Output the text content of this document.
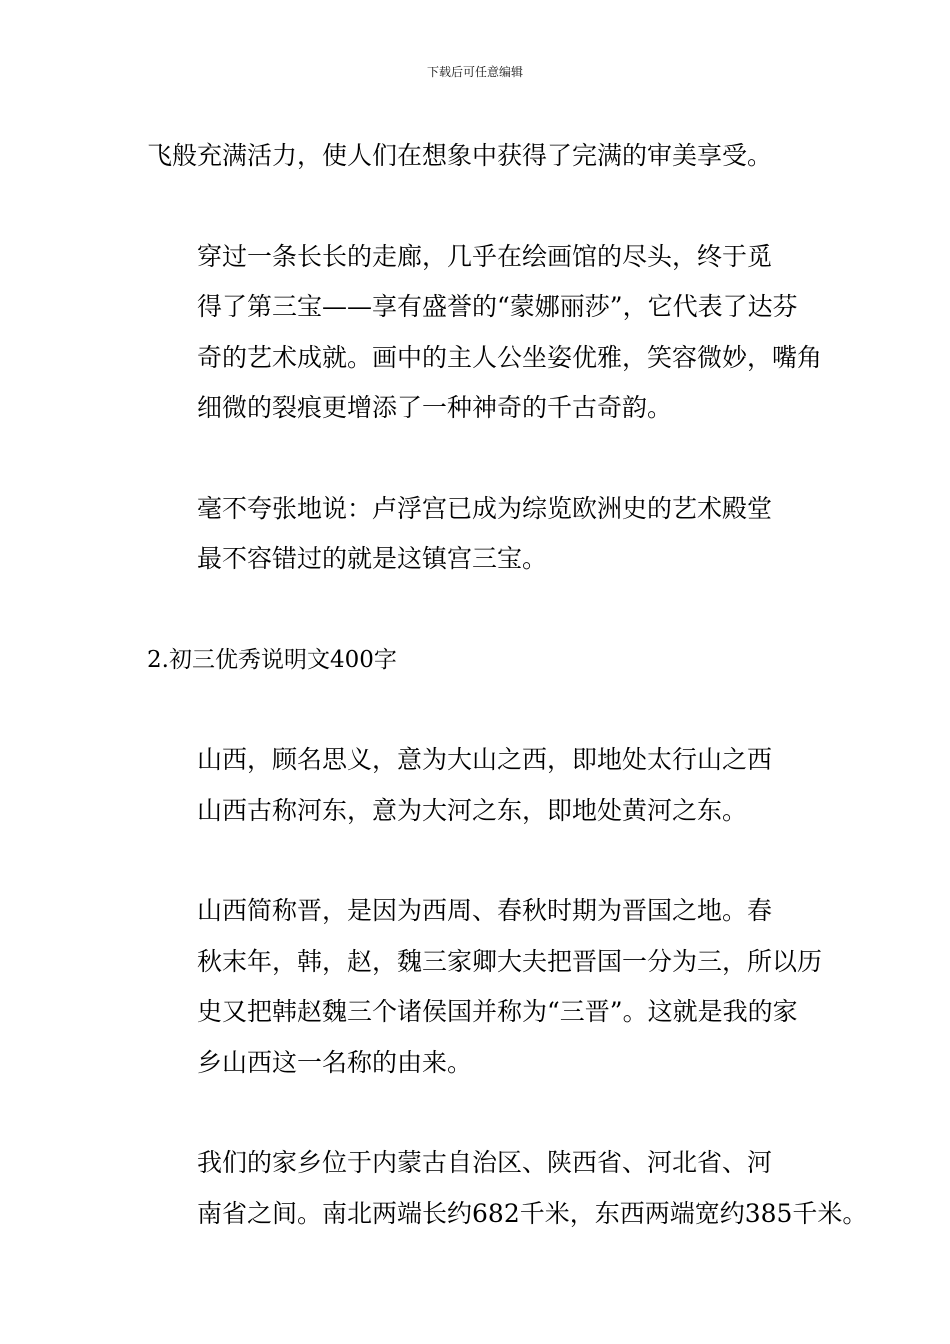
下载后可任意编辑
飞般充满活力，使人们在想象中获得了完满的审美享受。
穿过一条长长的走廊，几乎在绘画馆的尽头，终于觅
得了第三宝——享有盛誉的“蒙娜丽莎”，它代表了达芬
奇的艺术成就。画中的主人公坐姿优雅，笑容微妙，嘴角
细微的裂痕更增添了一种神奇的千古奇韵。
毫不夸张地说：卢浮宫已成为综览欧洲史的艺术殿堂
最不容错过的就是这镇宫三宝。
2.初三优秀说明文400字
山西，顾名思义，意为大山之西，即地处太行山之西
山西古称河东，意为大河之东，即地处黄河之东。
山西简称晋，是因为西周、春秋时期为晋国之地。春
秋末年，韩，赵，魏三家卿大夫把晋国一分为三，所以历
史又把韩赵魏三个诸侯国并称为“三晋”。这就是我的家
乡山西这一名称的由来。
我们的家乡位于内蒙古自治区、陕西省、河北省、河
南省之间。南北两端长约682千米，东西两端宽约385千米。
